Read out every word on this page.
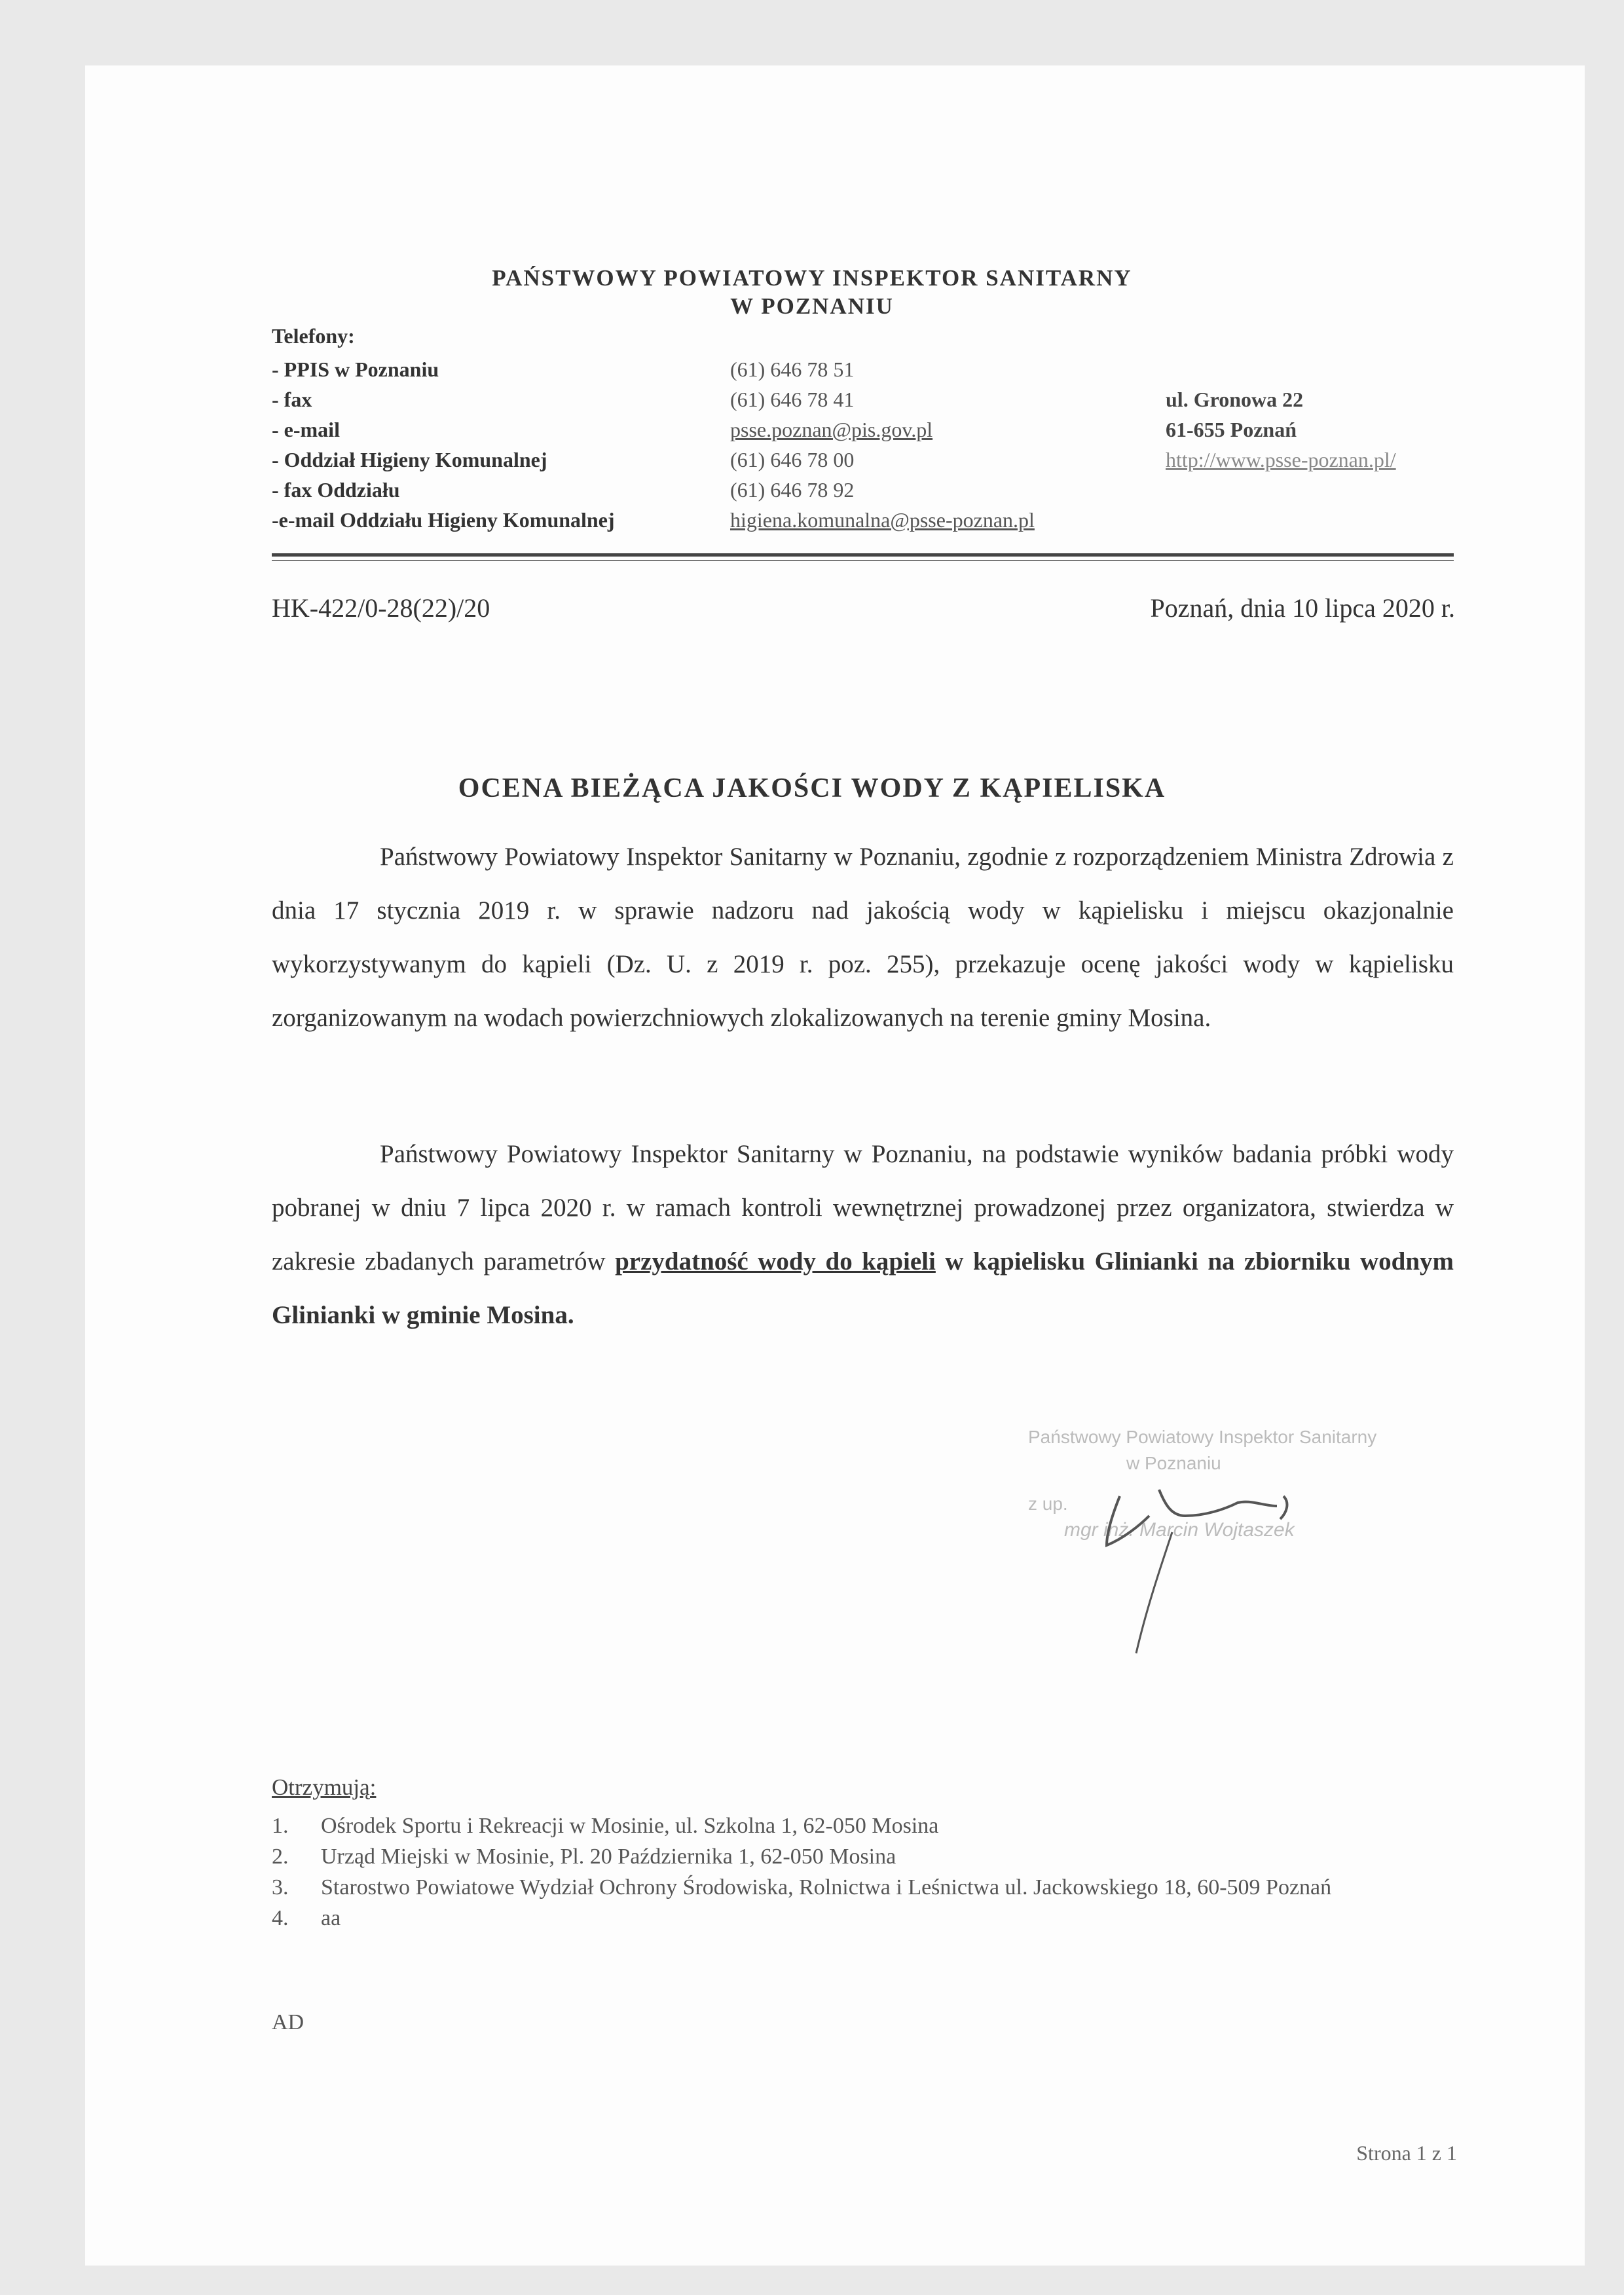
PAŃSTWOWY POWIATOWY INSPEKTOR SANITARNY
W POZNANIU
Telefony:
- PPIS w Poznaniu
- fax
- e-mail
- Oddział Higieny Komunalnej
- fax Oddziału
-e-mail Oddziału Higieny Komunalnej
(61) 646 78 51
(61) 646 78 41
psse.poznan@pis.gov.pl
(61) 646 78 00
(61) 646 78 92
higiena.komunalna@psse-poznan.pl
ul. Gronowa 22
61-655 Poznań
http://www.psse-poznan.pl/
HK-422/0-28(22)/20	Poznań, dnia 10 lipca 2020 r.
OCENA BIEŻĄCA JAKOŚCI WODY Z KĄPIELISKA

Państwowy Powiatowy Inspektor Sanitarny w Poznaniu, zgodnie z rozporządzeniem Ministra Zdrowia z dnia 17 stycznia 2019 r. w sprawie nadzoru nad jakością wody w kąpielisku i miejscu okazjonalnie wykorzystywanym do kąpieli (Dz. U. z 2019 r. poz. 255), przekazuje ocenę jakości wody w kąpielisku zorganizowanym na wodach powierzchniowych zlokalizowanych na terenie gminy Mosina.

Państwowy Powiatowy Inspektor Sanitarny w Poznaniu, na podstawie wyników badania próbki wody pobranej w dniu 7 lipca 2020 r. w ramach kontroli wewnętrznej prowadzonej przez organizatora, stwierdza w zakresie zbadanych parametrów przydatność wody do kąpieli w kąpielisku Glinianki na zbiorniku wodnym Glinianki w gminie Mosina.

Państwowy Powiatowy Inspektor Sanitarny
w Poznaniu
z up.
mgr inż. Marcin Wojtaszek
Otrzymują:
1. Ośrodek Sportu i Rekreacji w Mosinie, ul. Szkolna 1, 62-050 Mosina
2. Urząd Miejski w Mosinie, Pl. 20 Października 1, 62-050 Mosina
3. Starostwo Powiatowe Wydział Ochrony Środowiska, Rolnictwa i Leśnictwa ul. Jackowskiego 18, 60-509 Poznań
4. aa
AD
Strona 1 z 1
